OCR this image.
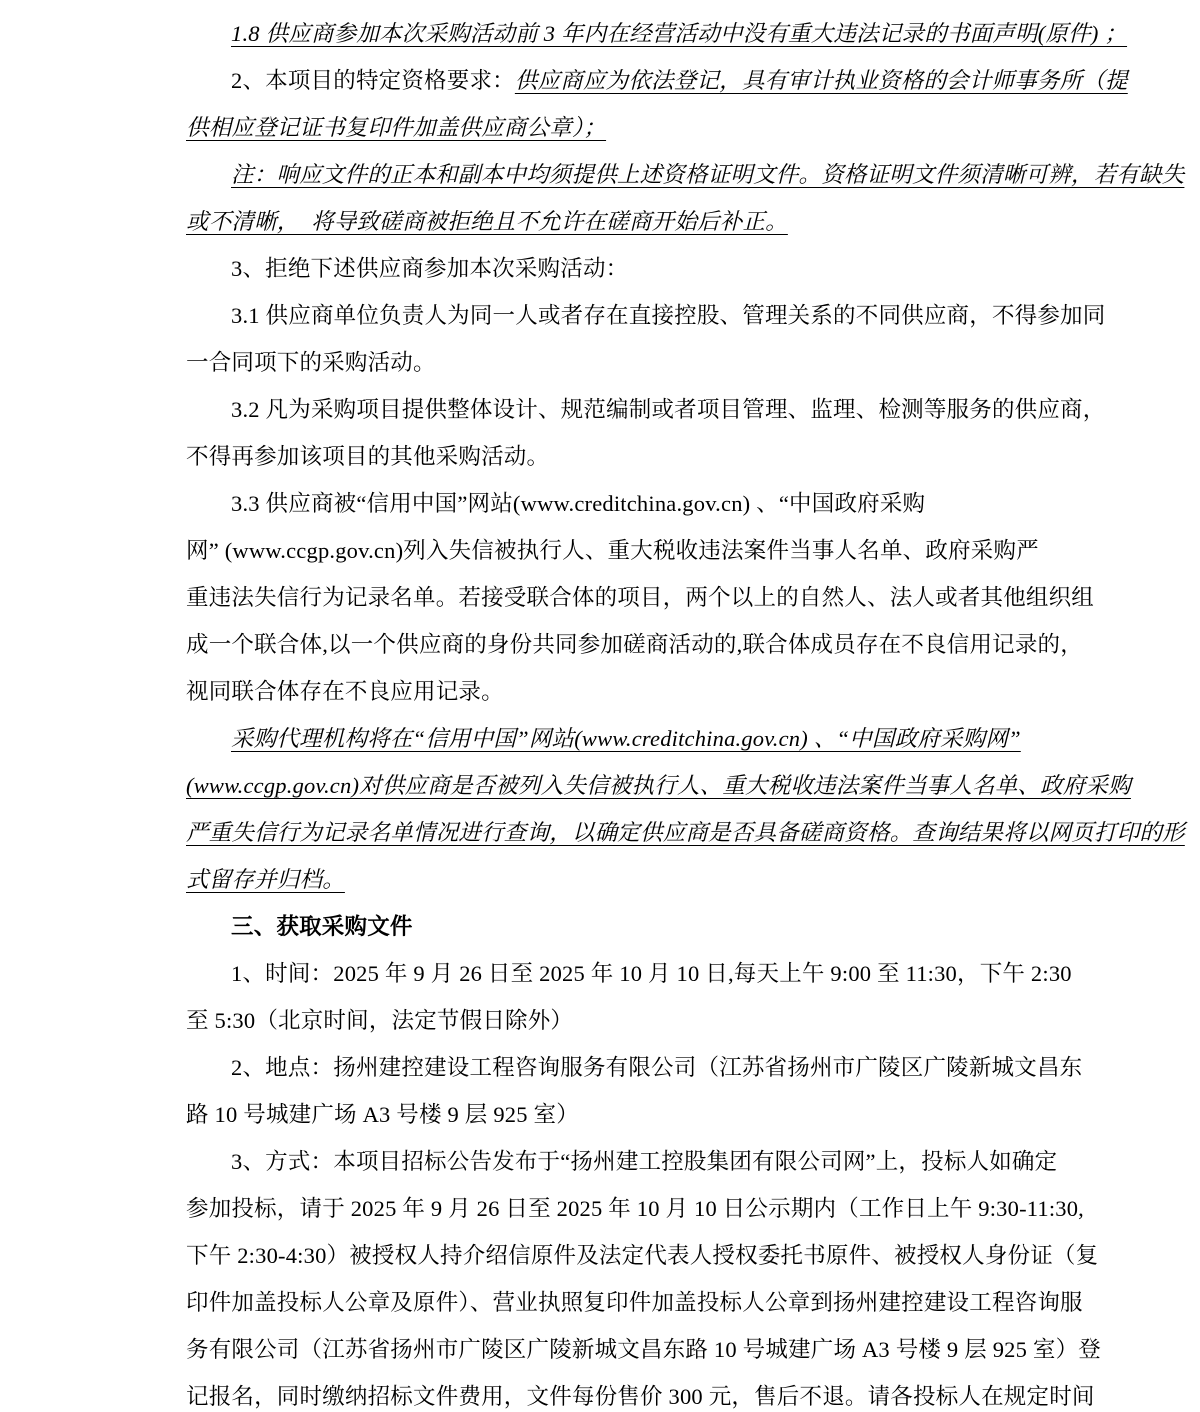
1.8 供应商参加本次采购活动前 3 年内在经营活动中没有重大违法记录的书面声明(原件) ；
2、本项目的特定资格要求：供应商应为依法登记，具有审计执业资格的会计师事务所（提
供相应登记证书复印件加盖供应商公章）；
注：响应文件的正本和副本中均须提供上述资格证明文件。资格证明文件须清晰可辨，若有缺失
或不清晰，  将导致磋商被拒绝且不允许在磋商开始后补正。
3、拒绝下述供应商参加本次采购活动：
3.1 供应商单位负责人为同一人或者存在直接控股、管理关系的不同供应商，不得参加同
一合同项下的采购活动。
3.2 凡为采购项目提供整体设计、规范编制或者项目管理、监理、检测等服务的供应商，
不得再参加该项目的其他采购活动。
3.3 供应商被“信用中国”网站(www.creditchina.gov.cn) 、“中国政府采购
网” (www.ccgp.gov.cn)列入失信被执行人、重大税收违法案件当事人名单、政府采购严
重违法失信行为记录名单。若接受联合体的项目，两个以上的自然人、法人或者其他组织组
成一个联合体,以一个供应商的身份共同参加磋商活动的,联合体成员存在不良信用记录的，
视同联合体存在不良应用记录。
采购代理机构将在“信用中国”网站(www.creditchina.gov.cn) 、“中国政府采购网”
(www.ccgp.gov.cn)对供应商是否被列入失信被执行人、重大税收违法案件当事人名单、政府采购
严重失信行为记录名单情况进行查询，以确定供应商是否具备磋商资格。查询结果将以网页打印的形
式留存并归档。
三、获取采购文件
1、时间：2025 年 9 月 26 日至 2025 年 10 月 10 日,每天上午 9:00 至 11:30，下午 2:30
至 5:30（北京时间，法定节假日除外）
2、地点：扬州建控建设工程咨询服务有限公司（江苏省扬州市广陵区广陵新城文昌东
路 10 号城建广场 A3 号楼 9 层 925 室）
3、方式：本项目招标公告发布于“扬州建工控股集团有限公司网”上，投标人如确定
参加投标，请于 2025 年 9 月 26 日至 2025 年 10 月 10 日公示期内（工作日上午 9:30-11:30,
下午 2:30-4:30）被授权人持介绍信原件及法定代表人授权委托书原件、被授权人身份证（复
印件加盖投标人公章及原件）、营业执照复印件加盖投标人公章到扬州建控建设工程咨询服
务有限公司（江苏省扬州市广陵区广陵新城文昌东路 10 号城建广场 A3 号楼 9 层 925 室）登
记报名，同时缴纳招标文件费用，文件每份售价 300 元，售后不退。请各投标人在规定时间
